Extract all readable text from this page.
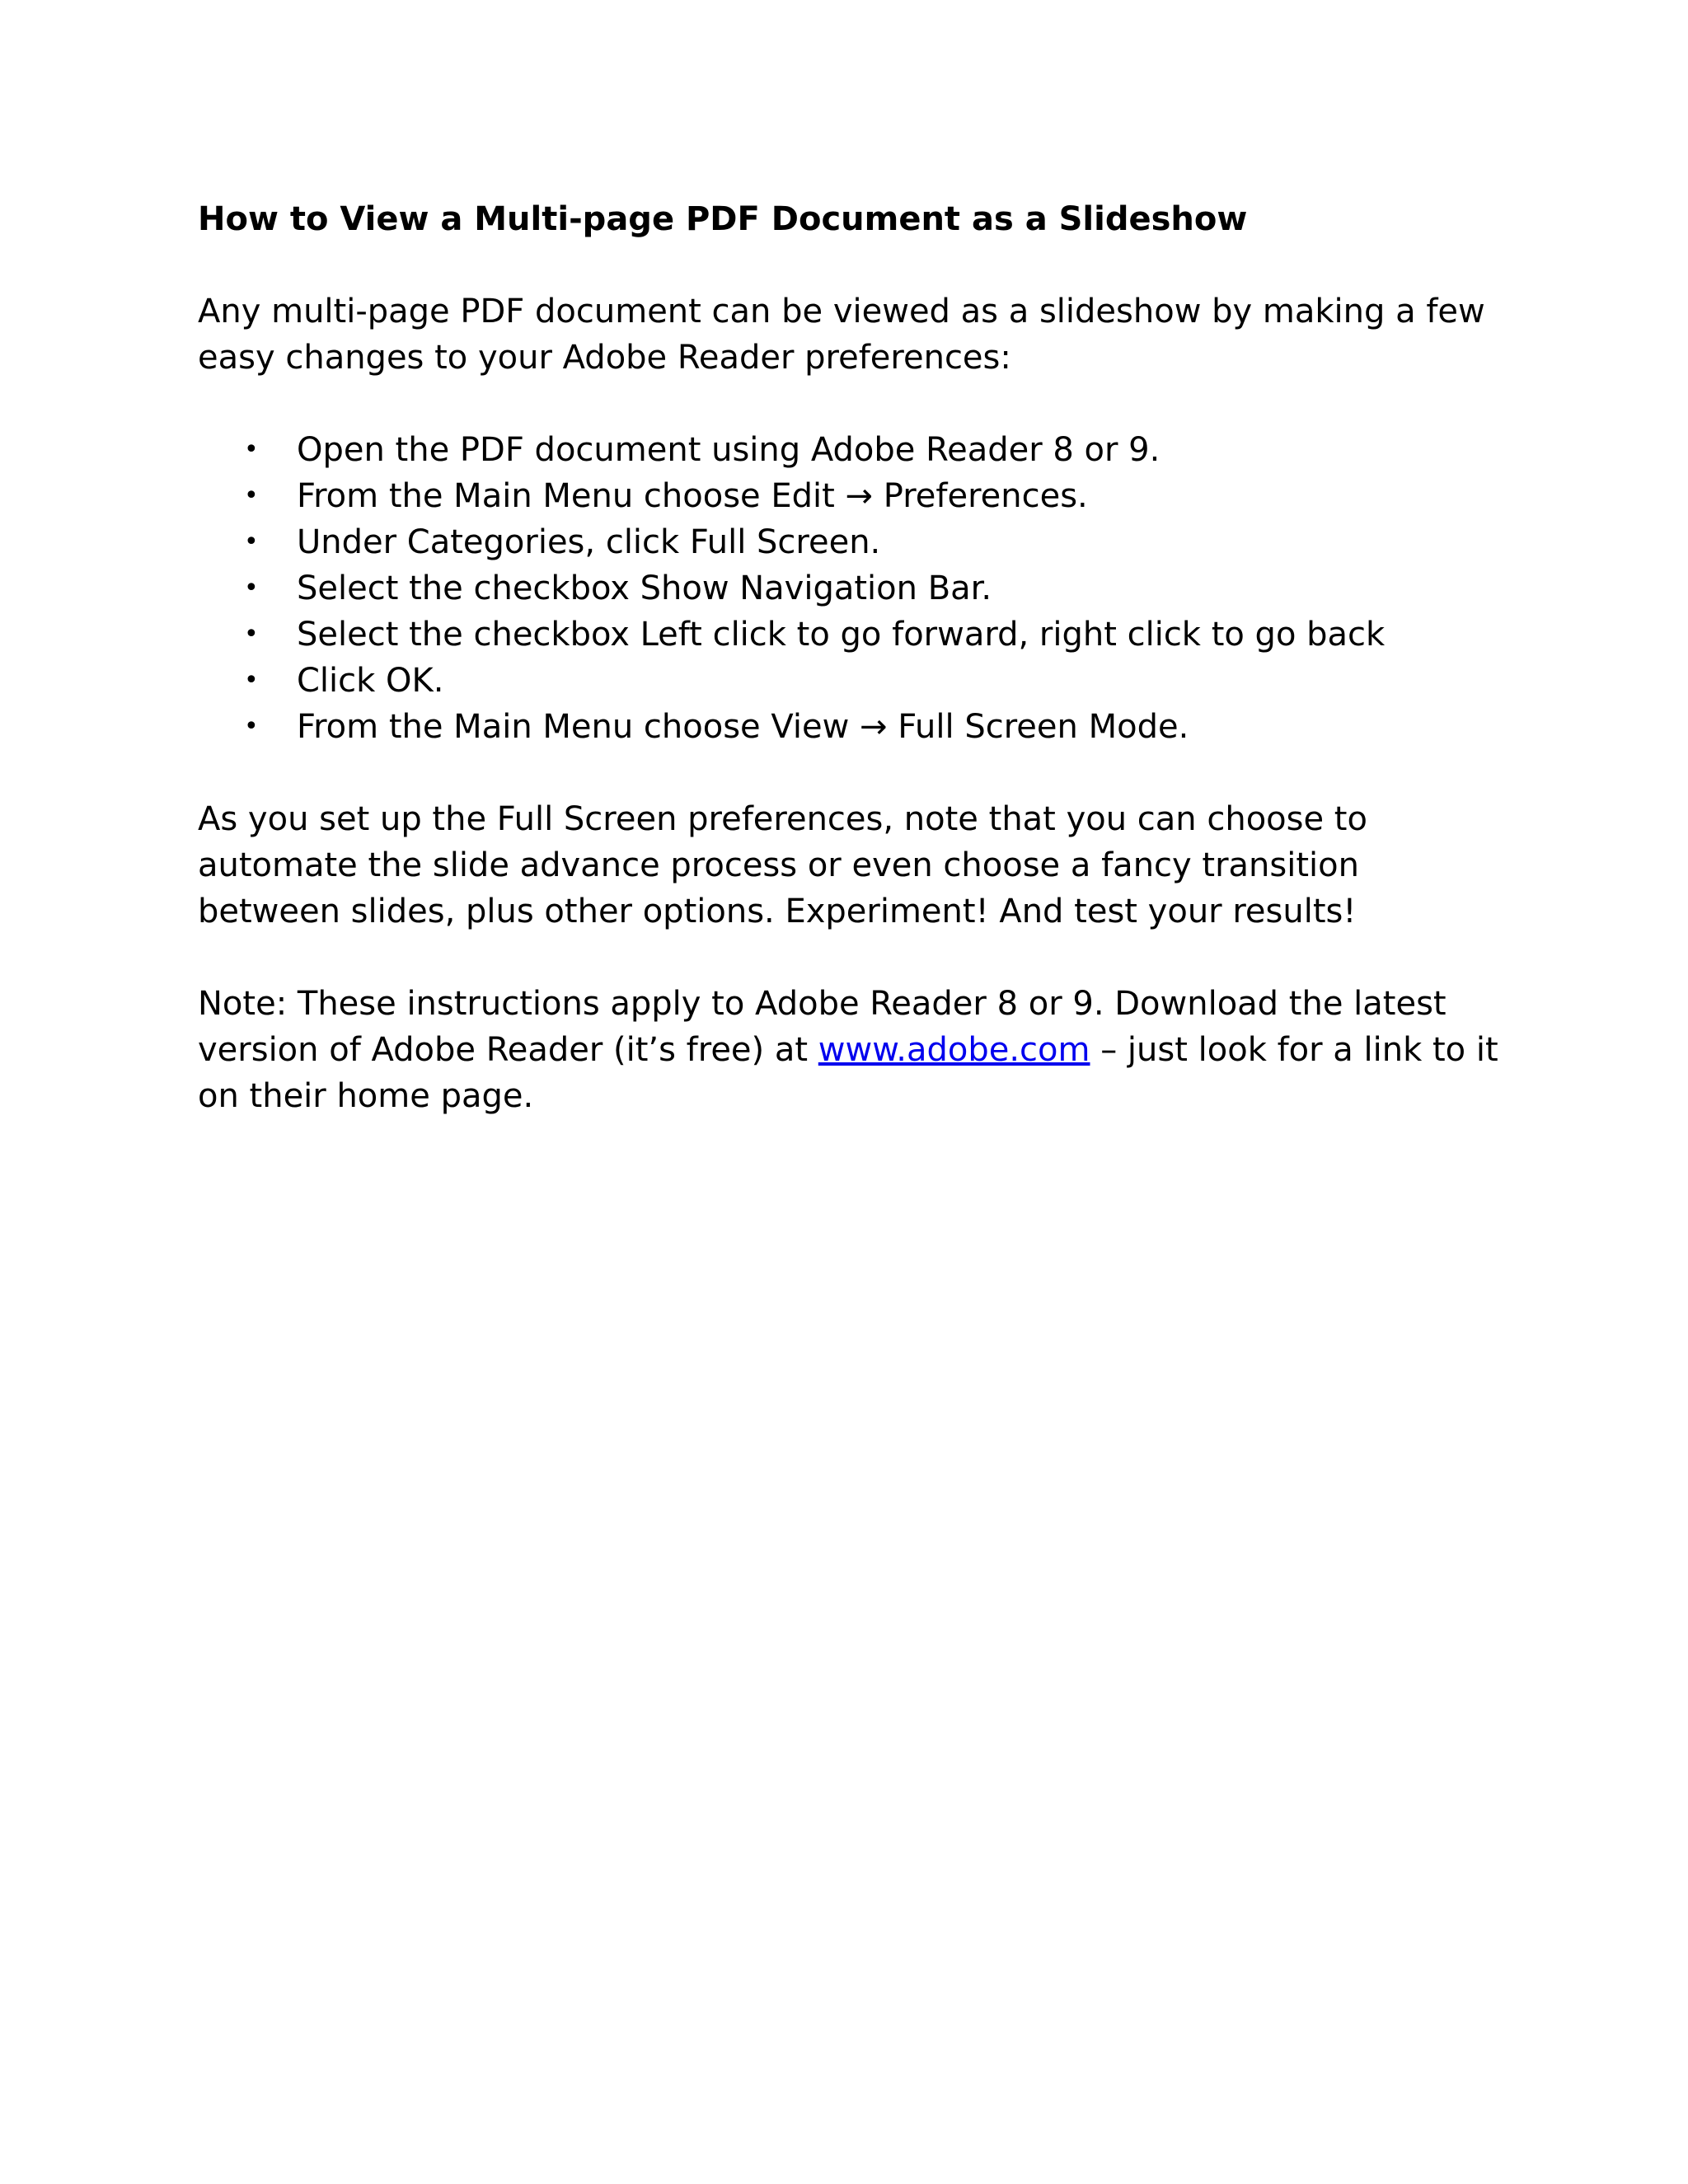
How to View a Multi-page PDF Document as a Slideshow

Any multi-page PDF document can be viewed as a slideshow by making a few easy changes to your Adobe Reader preferences:

• Open the PDF document using Adobe Reader 8 or 9.
• From the Main Menu choose Edit → Preferences.
• Under Categories, click Full Screen.
• Select the checkbox Show Navigation Bar.
• Select the checkbox Left click to go forward, right click to go back
• Click OK.
• From the Main Menu choose View → Full Screen Mode.

As you set up the Full Screen preferences, note that you can choose to automate the slide advance process or even choose a fancy transition between slides, plus other options. Experiment! And test your results!

Note: These instructions apply to Adobe Reader 8 or 9. Download the latest version of Adobe Reader (it’s free) at www.adobe.com – just look for a link to it on their home page.
